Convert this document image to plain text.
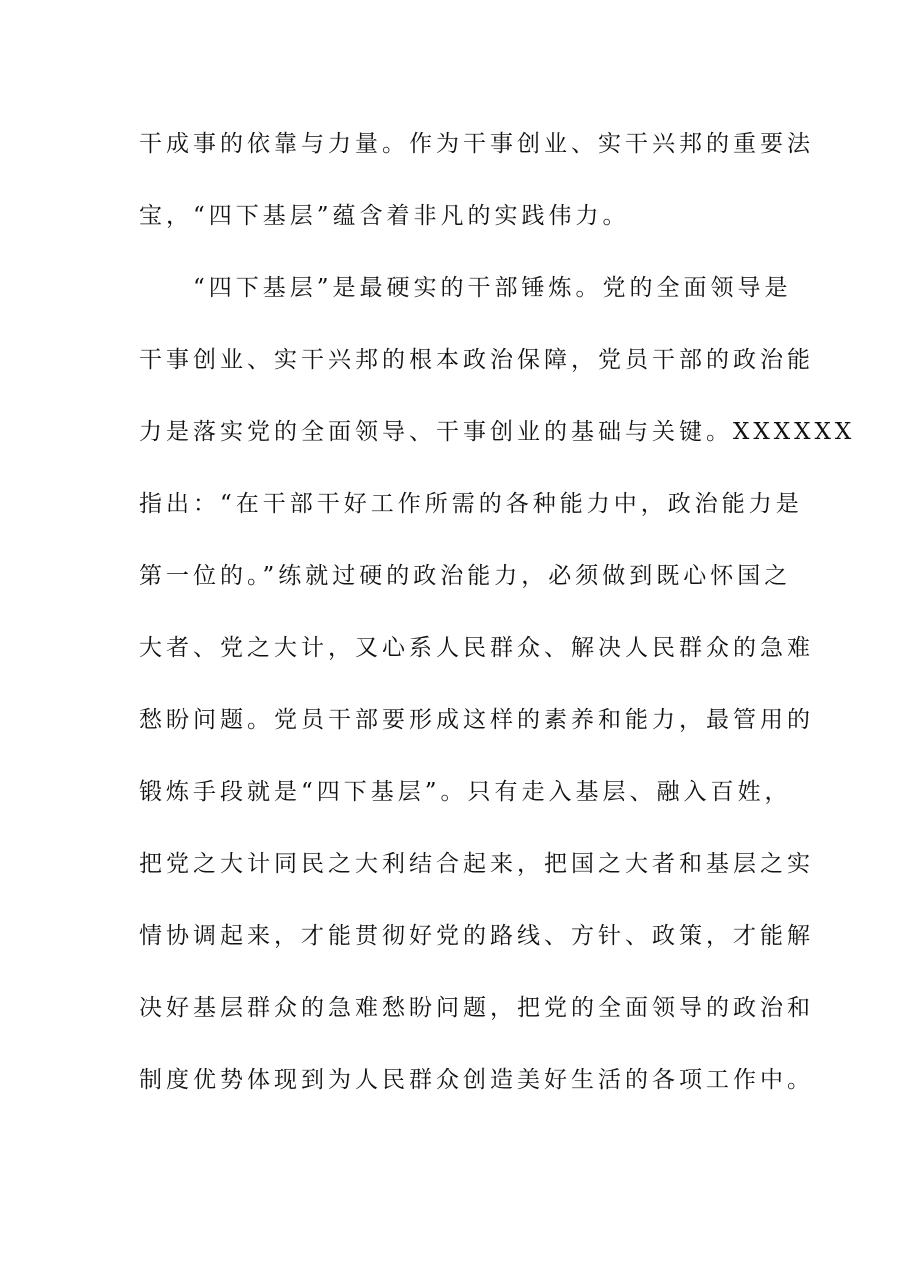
干成事的依靠与力量。作为干事创业、实干兴邦的重要法
宝，“四下基层”蕴含着非凡的实践伟力。
“四下基层”是最硬实的干部锤炼。党的全面领导是
干事创业、实干兴邦的根本政治保障，党员干部的政治能
力是落实党的全面领导、干事创业的基础与关键。XXXXXX
指出：“在干部干好工作所需的各种能力中，政治能力是
第一位的。”练就过硬的政治能力，必须做到既心怀国之
大者、党之大计，又心系人民群众、解决人民群众的急难
愁盼问题。党员干部要形成这样的素养和能力，最管用的
锻炼手段就是“四下基层”。只有走入基层、融入百姓，
把党之大计同民之大利结合起来，把国之大者和基层之实
情协调起来，才能贯彻好党的路线、方针、政策，才能解
决好基层群众的急难愁盼问题，把党的全面领导的政治和
制度优势体现到为人民群众创造美好生活的各项工作中。
